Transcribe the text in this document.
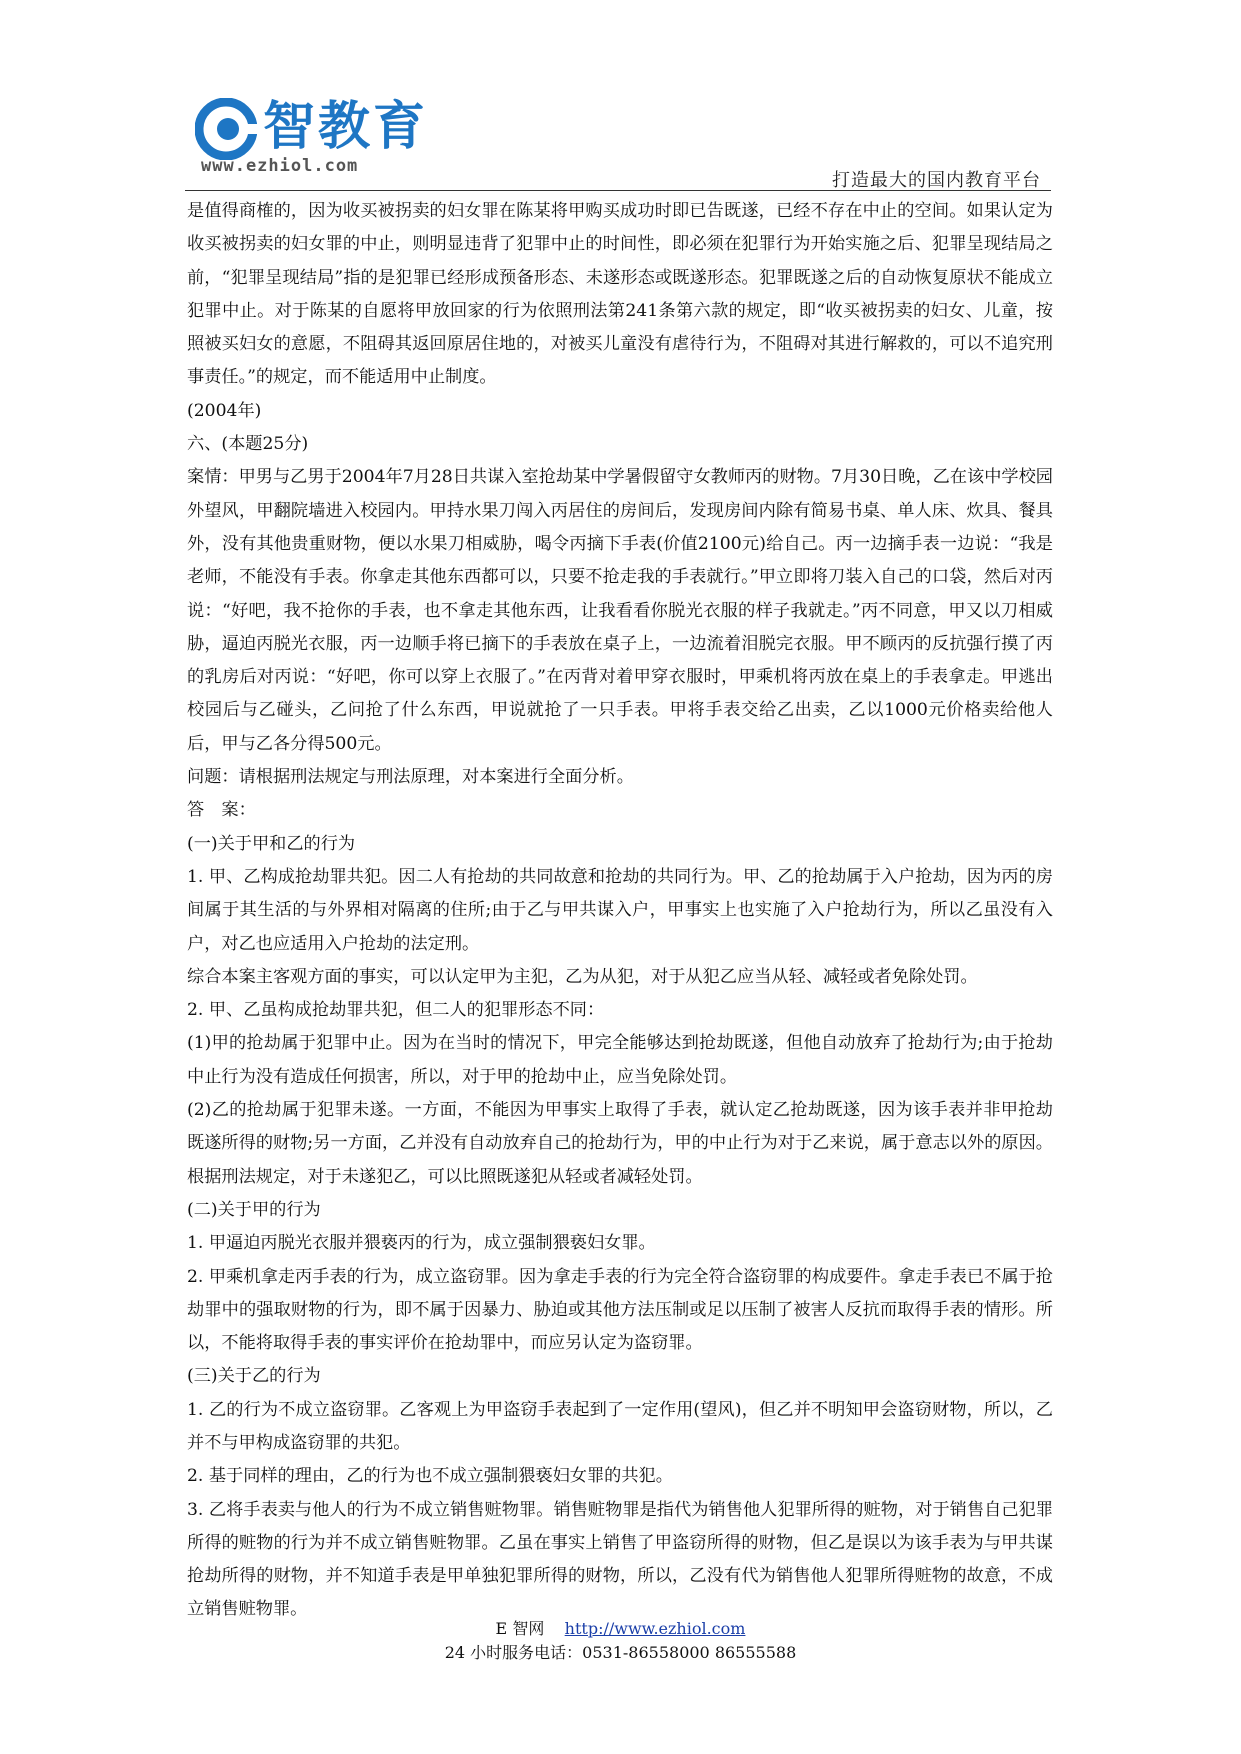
智教育
www.ezhiol.com
打造最大的国内教育平台

是值得商榷的，因为收买被拐卖的妇女罪在陈某将甲购买成功时即已告既遂，已经不存在中止的空间。如果认定为收买被拐卖的妇女罪的中止，则明显违背了犯罪中止的时间性，即必须在犯罪行为开始实施之后、犯罪呈现结局之前，“犯罪呈现结局”指的是犯罪已经形成预备形态、未遂形态或既遂形态。犯罪既遂之后的自动恢复原状不能成立犯罪中止。对于陈某的自愿将甲放回家的行为依照刑法第241条第六款的规定，即“收买被拐卖的妇女、儿童，按照被买妇女的意愿，不阻碍其返回原居住地的，对被买儿童没有虐待行为，不阻碍对其进行解救的，可以不追究刑事责任。”的规定，而不能适用中止制度。

(2004年)

六、(本题25分)

案情：甲男与乙男于2004年7月28日共谋入室抢劫某中学暑假留守女教师丙的财物。7月30日晚，乙在该中学校园外望风，甲翻院墙进入校园内。甲持水果刀闯入丙居住的房间后，发现房间内除有简易书桌、单人床、炊具、餐具外，没有其他贵重财物，便以水果刀相威胁，喝令丙摘下手表(价值2100元)给自己。丙一边摘手表一边说：“我是老师，不能没有手表。你拿走其他东西都可以，只要不抢走我的手表就行。”甲立即将刀装入自己的口袋，然后对丙说：“好吧，我不抢你的手表，也不拿走其他东西，让我看看你脱光衣服的样子我就走。”丙不同意，甲又以刀相威胁，逼迫丙脱光衣服，丙一边顺手将已摘下的手表放在桌子上，一边流着泪脱完衣服。甲不顾丙的反抗强行摸了丙的乳房后对丙说：“好吧，你可以穿上衣服了。”在丙背对着甲穿衣服时，甲乘机将丙放在桌上的手表拿走。甲逃出校园后与乙碰头，乙问抢了什么东西，甲说就抢了一只手表。甲将手表交给乙出卖，乙以1000元价格卖给他人后，甲与乙各分得500元。

问题：请根据刑法规定与刑法原理，对本案进行全面分析。

答　案：

(一)关于甲和乙的行为

1. 甲、乙构成抢劫罪共犯。因二人有抢劫的共同故意和抢劫的共同行为。甲、乙的抢劫属于入户抢劫，因为丙的房间属于其生活的与外界相对隔离的住所;由于乙与甲共谋入户，甲事实上也实施了入户抢劫行为，所以乙虽没有入户，对乙也应适用入户抢劫的法定刑。

综合本案主客观方面的事实，可以认定甲为主犯，乙为从犯，对于从犯乙应当从轻、减轻或者免除处罚。

2. 甲、乙虽构成抢劫罪共犯，但二人的犯罪形态不同：

(1)甲的抢劫属于犯罪中止。因为在当时的情况下，甲完全能够达到抢劫既遂，但他自动放弃了抢劫行为;由于抢劫中止行为没有造成任何损害，所以，对于甲的抢劫中止，应当免除处罚。

(2)乙的抢劫属于犯罪未遂。一方面，不能因为甲事实上取得了手表，就认定乙抢劫既遂，因为该手表并非甲抢劫既遂所得的财物;另一方面，乙并没有自动放弃自己的抢劫行为，甲的中止行为对于乙来说，属于意志以外的原因。根据刑法规定，对于未遂犯乙，可以比照既遂犯从轻或者减轻处罚。

(二)关于甲的行为

1. 甲逼迫丙脱光衣服并猥亵丙的行为，成立强制猥亵妇女罪。

2. 甲乘机拿走丙手表的行为，成立盗窃罪。因为拿走手表的行为完全符合盗窃罪的构成要件。拿走手表已不属于抢劫罪中的强取财物的行为，即不属于因暴力、胁迫或其他方法压制或足以压制了被害人反抗而取得手表的情形。所以，不能将取得手表的事实评价在抢劫罪中，而应另认定为盗窃罪。

(三)关于乙的行为

1. 乙的行为不成立盗窃罪。乙客观上为甲盗窃手表起到了一定作用(望风)，但乙并不明知甲会盗窃财物，所以，乙并不与甲构成盗窃罪的共犯。

2. 基于同样的理由，乙的行为也不成立强制猥亵妇女罪的共犯。

3. 乙将手表卖与他人的行为不成立销售赃物罪。销售赃物罪是指代为销售他人犯罪所得的赃物，对于销售自己犯罪所得的赃物的行为并不成立销售赃物罪。乙虽在事实上销售了甲盗窃所得的财物，但乙是误以为该手表为与甲共谋抢劫所得的财物，并不知道手表是甲单独犯罪所得的财物，所以，乙没有代为销售他人犯罪所得赃物的故意，不成立销售赃物罪。

E 智网 http://www.ezhiol.com
24 小时服务电话：0531-86558000 86555588
